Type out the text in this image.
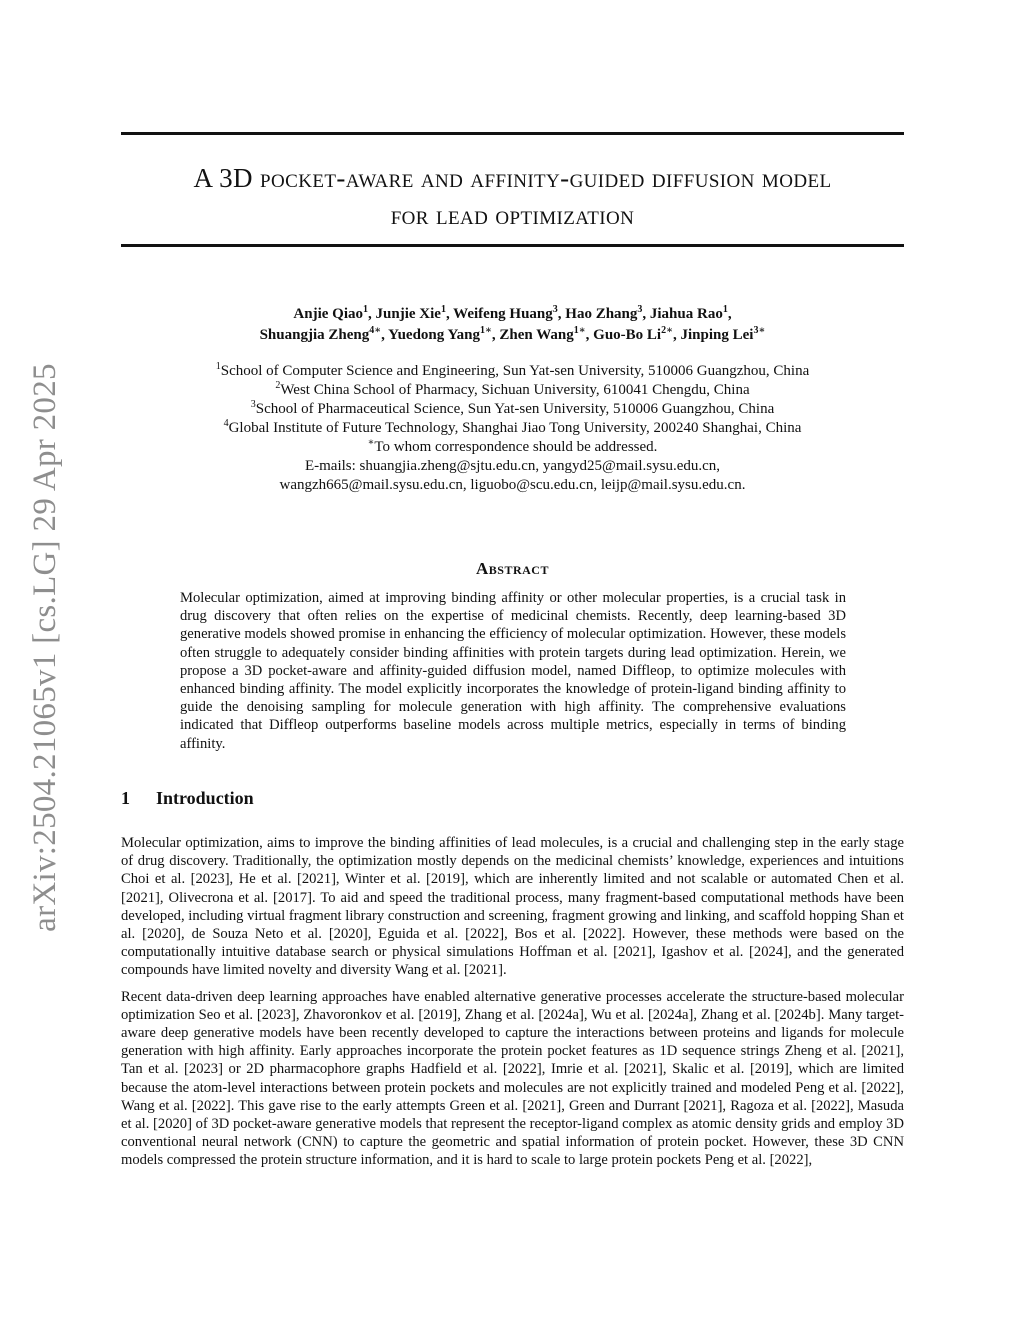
arXiv:2504.21065v1 [cs.LG] 29 Apr 2025
A 3D pocket-aware and affinity-guided diffusion model
for lead optimization
Anjie Qiao$^1$, Junjie Xie$^1$, Weifeng Huang$^3$, Hao Zhang$^3$, Jiahua Rao$^1$,
Shuangjia Zheng$^{4∗}$, Yuedong Yang$^{1∗}$, Zhen Wang$^{1∗}$, Guo-Bo $Li^{2∗}$, Jinping Lei$^{3∗}$
$^1$School of Computer Science and Engineering, Sun Yat-sen University, 510006 Guangzhou, China
$^2$West China School of Pharmacy, Sichuan University, 610041 Chengdu, China
$^3$School of Pharmaceutical Science, Sun Yat-sen University, 510006 Guangzhou, China
$^4$Global Institute of Future Technology, Shanghai Jiao Tong University, 200240 Shanghai, China
∗To whom correspondence should be addressed.
E-mails: shuangjia.zheng@sjtu.edu.cn, yangyd25@mail.sysu.edu.cn,
wangzh665@mail.sysu.edu.cn, liguobo@scu.edu.cn, leijp@mail.sysu.edu.cn.
Abstract
Molecular optimization, aimed at improving binding affinity or other molecular properties, is a crucial task in drug discovery that often relies on the expertise of medicinal chemists. Recently, deep learning-based 3D generative models showed promise in enhancing the efficiency of molecular optimization. However, these models often struggle to adequately consider binding affinities with protein targets during lead optimization. Herein, we propose a 3D pocket-aware and affinity-guided diffusion model, named Diffleop, to optimize molecules with enhanced binding affinity. The model explicitly incorporates the knowledge of protein-ligand binding affinity to guide the denoising sampling for molecule generation with high affinity. The comprehensive evaluations indicated that Diffleop outperforms baseline models across multiple metrics, especially in terms of binding affinity.
1 Introduction

Molecular optimization, aims to improve the binding affinities of lead molecules, is a crucial and challenging step in the early stage of drug discovery. Traditionally, the optimization mostly depends on the medicinal chemists’ knowledge, experiences and intuitions Choi et al. [2023], He et al. [2021], Winter et al. [2019], which are inherently limited and not scalable or automated Chen et al. [2021], Olivecrona et al. [2017]. To aid and speed the traditional process, many fragment-based computational methods have been developed, including virtual fragment library construction and screening, fragment growing and linking, and scaffold hopping Shan et al. [2020], de Souza Neto et al. [2020], Eguida et al. [2022], Bos et al. [2022]. However, these methods were based on the computationally intuitive database search or physical simulations Hoffman et al. [2021], Igashov et al. [2024], and the generated compounds have limited novelty and diversity Wang et al. [2021].

Recent data-driven deep learning approaches have enabled alternative generative processes accelerate the structure-based molecular optimization Seo et al. [2023], Zhavoronkov et al. [2019], Zhang et al. [2024a], Wu et al. [2024a], Zhang et al. [2024b]. Many target-aware deep generative models have been recently developed to capture the interactions between proteins and ligands for molecule generation with high affinity. Early approaches incorporate the protein pocket features as 1D sequence strings Zheng et al. [2021], Tan et al. [2023] or 2D pharmacophore graphs Hadfield et al. [2022], Imrie et al. [2021], Skalic et al. [2019], which are limited because the atom-level interactions between protein pockets and molecules are not explicitly trained and modeled Peng et al. [2022], Wang et al. [2022]. This gave rise to the early attempts Green et al. [2021], Green and Durrant [2021], Ragoza et al. [2022], Masuda et al. [2020] of 3D pocket-aware generative models that represent the receptor-ligand complex as atomic density grids and employ 3D conventional neural network (CNN) to capture the geometric and spatial information of protein pocket. However, these 3D CNN models compressed the protein structure information, and it is hard to scale to large protein pockets Peng et al. [2022],
